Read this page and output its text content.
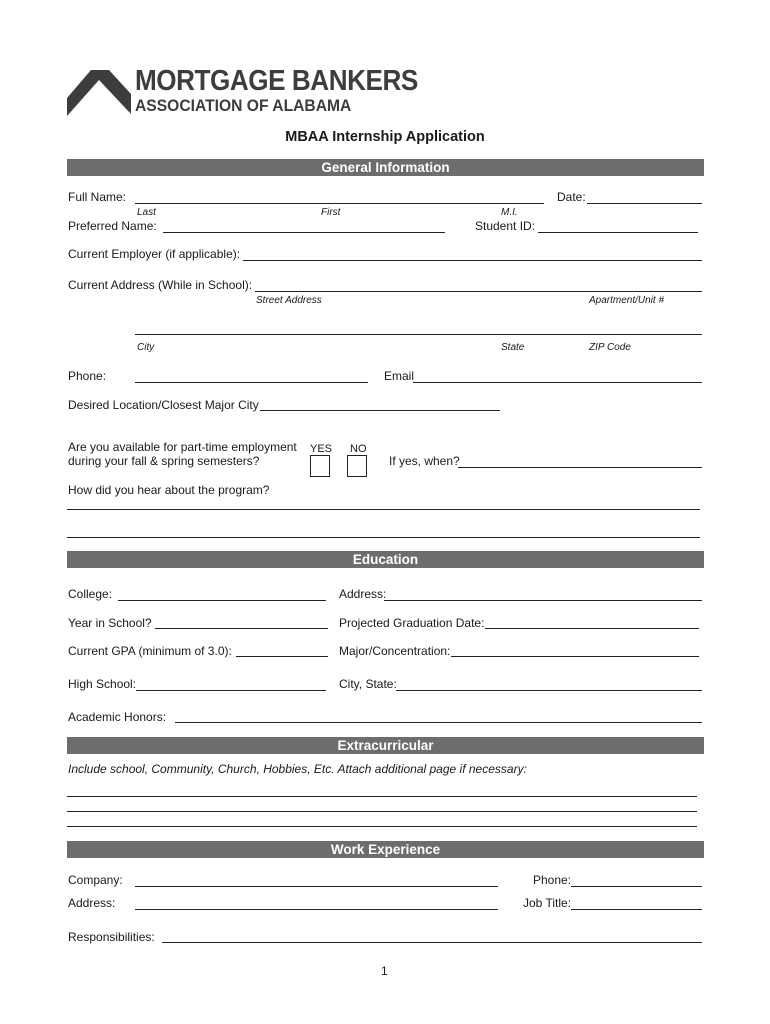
MORTGAGE BANKERS
ASSOCIATION OF ALABAMA
MBAA Internship Application
General Information
Full Name:	Date:
Last	First	M.I.
Preferred Name:	Student ID:
Current Employer (if applicable):
Current Address (While in School):
Street Address	Apartment/Unit #
City	State	ZIP Code
Phone:	Email
Desired Location/Closest Major City
Are you available for part-time employment
during your fall & spring semesters?
YES NO
If yes, when?
How did you hear about the program?
Education
College:	Address:
Year in School?	Projected Graduation Date:
Current GPA (minimum of 3.0):	Major/Concentration:
High School:	City, State:
Academic Honors:
Extracurricular
Include school, Community, Church, Hobbies, Etc. Attach additional page if necessary:
Work Experience
Company:	Phone:
Address:	Job Title:
Responsibilities:
1
